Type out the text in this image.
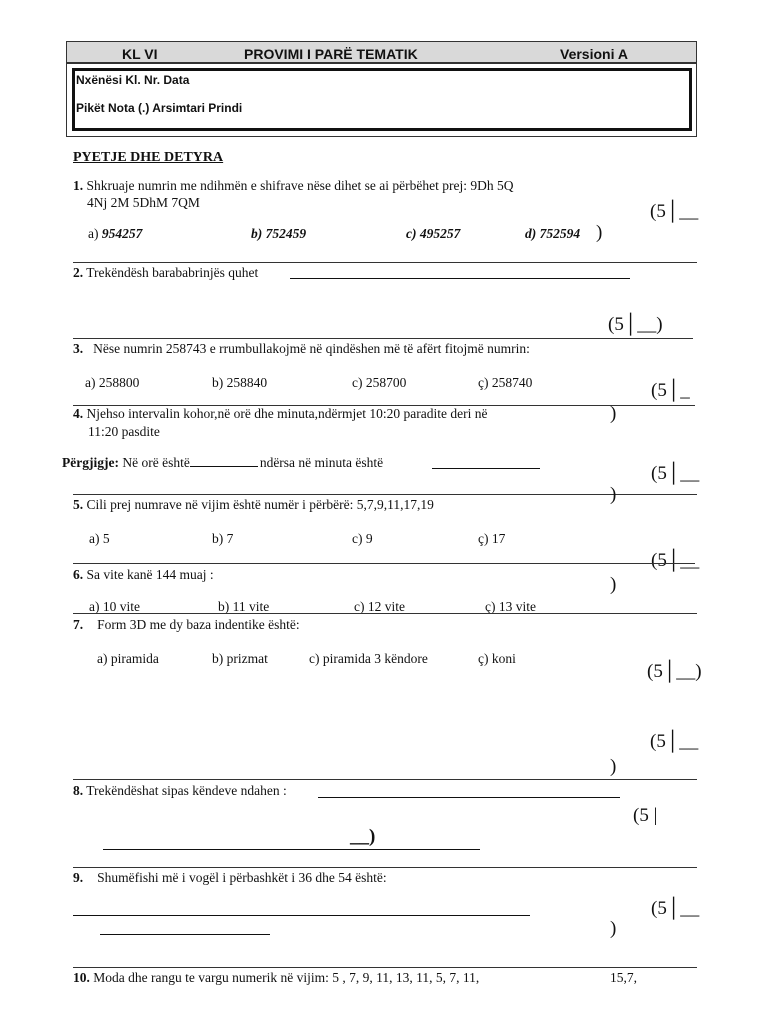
KL VI	PROVIMI I PARË TEMATIK	Versioni A
Nxënësi Kl. Nr. Data
Pikët Nota (.) Arsimtari Prindi
PYETJE DHE DETYRA
1. Shkruaje numrin me ndihmën e shifrave nëse dihet se ai përbëhet prej: 9Dh 5Q
4Nj 2M 5DhM 7QM
a) 954257	b) 752459	c) 495257	d) 752594 )
(5│__
2. Trekëndësh barababrinjës quhet
(5│__)
3. Nëse numrin 258743 e rrumbullakojmë në qindëshen më të afërt fitojmë numrin:
a) 258800	b) 258840	c) 258700	ç) 258740	(5│_
)
4. Njehso intervalin kohor,në orë dhe minuta,ndërmjet 10:20 paradite deri në
11:20 pasdite
Përgjigje: Në orë është	ndërsa në minuta është
(5│__
)
5. Cili prej numrave në vijim është numër i përbërë: 5,7,9,11,17,19
a) 5	b) 7	c) 9	ç) 17
(5│__
6. Sa vite kanë 144 muaj :	)
a) 10 vite	b) 11 vite	c) 12 vite	ç) 13 vite
7. Form 3D me dy baza indentike është:
a) piramida	b) prizmat	c) piramida 3 këndore	ç) koni
(5│__)
(5│__
)
8. Trekëndëshat sipas këndeve ndahen :
(5 |
__)
9. Shumëfishi më i vogël i përbashkët i 36 dhe 54 është:
(5│__
)
10. Moda dhe rangu te vargu numerik në vijim: 5 , 7, 9, 11, 13, 11, 5, 7, 11,	15,7,
